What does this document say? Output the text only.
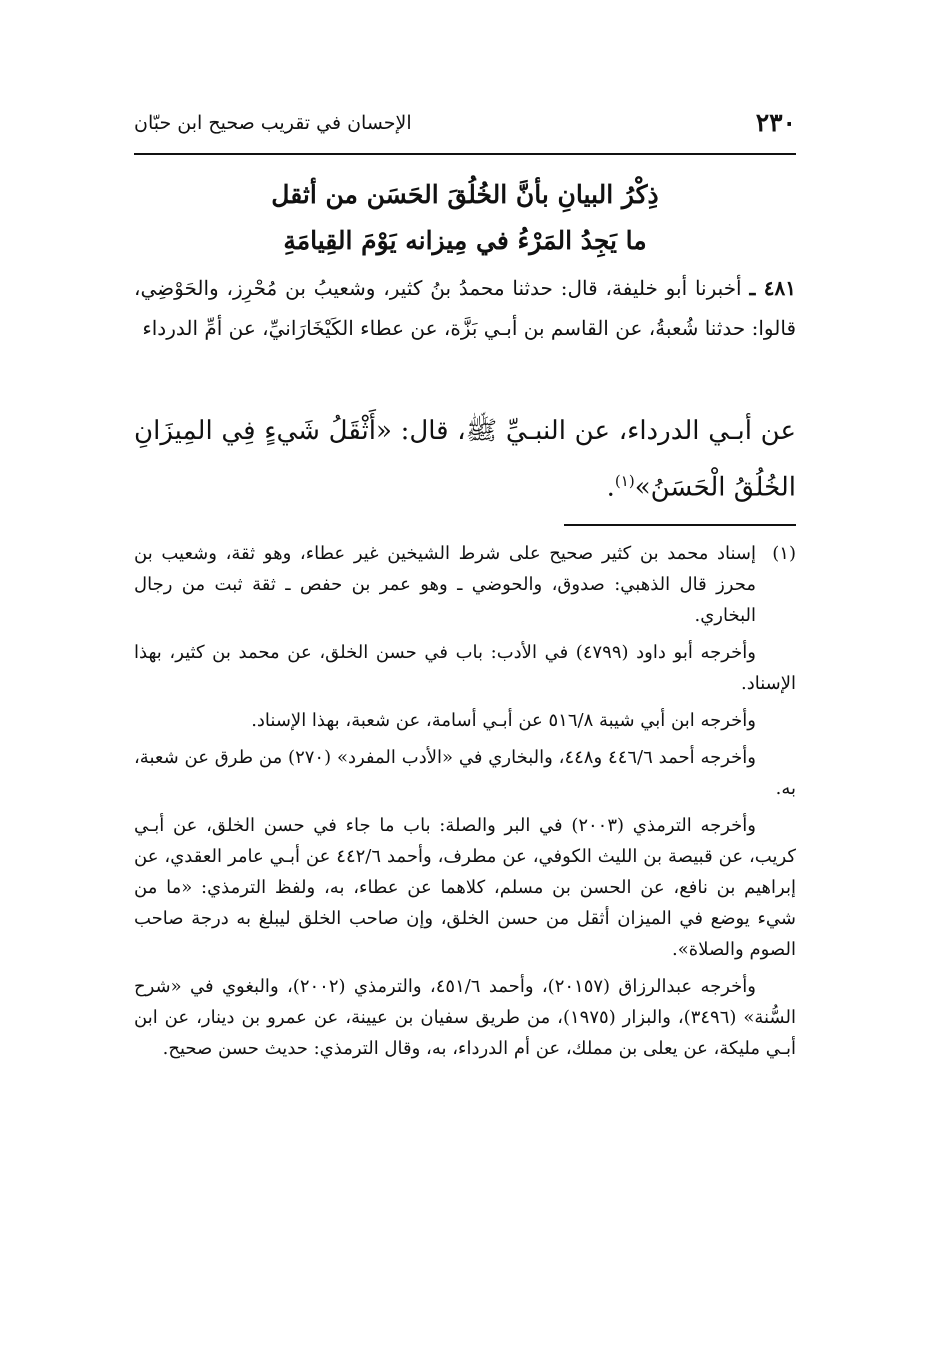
٢٣٠
الإحسان في تقريب صحيح ابن حبّان
ذِكْرُ البيانِ بأنَّ الخُلُقَ الحَسَن من أثقل
ما يَجِدُ المَرْءُ في مِيزانه يَوْمَ القِيامَةِ
٤٨١ ـ أخبرنا أبو خليفة، قال: حدثنا محمدُ بنُ كثير، وشعيبُ بن مُحْرِز، والحَوْضِي، قالوا: حدثنا شُعبةُ، عن القاسم بن أبـي بَزَّة، عن عطاء الكَيْخَارَانيِّ، عن أمِّ الدرداء
عن أبـي الدرداء، عن النبـيِّ ﷺ، قال: «أَثْقَلُ شَيءٍ فِي المِيزَانِ الخُلُقُ الْحَسَنُ»$^{(١)}$.

(١)
إسناد محمد بن كثير صحيح على شرط الشيخين غير عطاء، وهو ثقة، وشعيب بن محرز قال الذهبي: صدوق، والحوضي ـ وهو عمر بن حفص ـ ثقة ثبت من رجال البخاري.

وأخرجه أبو داود (٤٧٩٩) في الأدب: باب في حسن الخلق، عن محمد بن كثير، بهذا الإسناد.

وأخرجه ابن أبي شيبة ٥١٦/٨ عن أبـي أسامة، عن شعبة، بهذا الإسناد.

وأخرجه أحمد ٤٤٦/٦ و٤٤٨، والبخاري في «الأدب المفرد» (٢٧٠) من طرق عن شعبة، به.

وأخرجه الترمذي (٢٠٠٣) في البر والصلة: باب ما جاء في حسن الخلق، عن أبـي كريب، عن قبيصة بن الليث الكوفي، عن مطرف، وأحمد ٤٤٢/٦ عن أبـي عامر العقدي، عن إبراهيم بن نافع، عن الحسن بن مسلم، كلاهما عن عطاء، به، ولفظ الترمذي: «ما من شيء يوضع في الميزان أثقل من حسن الخلق، وإن صاحب الخلق ليبلغ به درجة صاحب الصوم والصلاة».

وأخرجه عبدالرزاق (٢٠١٥٧)، وأحمد ٤٥١/٦، والترمذي (٢٠٠٢)، والبغوي في «شرح السُّنة» (٣٤٩٦)، والبزار (١٩٧٥)، من طريق سفيان بن عيينة، عن عمرو بن دينار، عن ابن أبـي مليكة، عن يعلى بن مملك، عن أم الدرداء، به، وقال الترمذي: حديث حسن صحيح.
